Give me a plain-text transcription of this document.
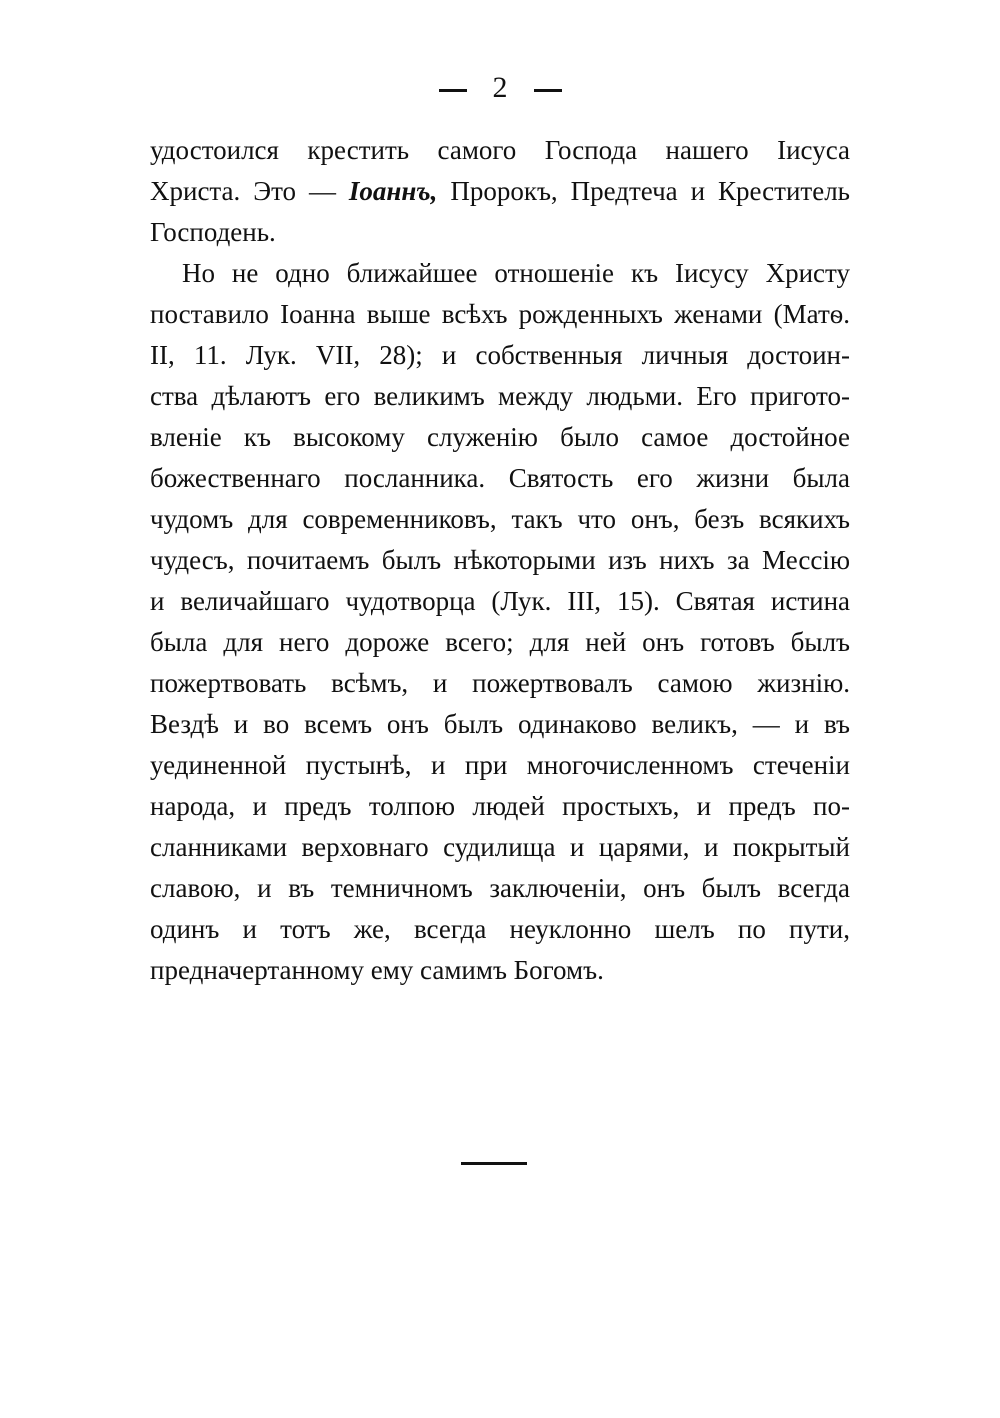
2
удостоился крестить самого Господа нашего Iисуса
Христа. Это — Iоаннъ, Пророкъ, Предтеча и Креститель
Господень.
Но не одно ближайшее отношенiе къ Iисусу Христу
поставило Iоанна выше всѣхъ рожденныхъ женами (Матѳ.
II, 11. Лук. VII, 28); и собственныя личныя достоин-
ства дѣлаютъ его великимъ между людьми. Его пригото-
вленiе къ высокому служенiю было самое достойное
божественнаго посланника. Святость его жизни была
чудомъ для современниковъ, такъ что онъ, безъ всякихъ
чудесъ, почитаемъ былъ нѣкоторыми изъ нихъ за Мессiю
и величайшаго чудотворца (Лук. III, 15). Святая истина
была для него дороже всего; для ней онъ готовъ былъ
пожертвовать всѣмъ, и пожертвовалъ самою жизнiю.
Вездѣ и во всемъ онъ былъ одинаково великъ, — и въ
уединенной пустынѣ, и при многочисленномъ стеченiи
народа, и предъ толпою людей простыхъ, и предъ по-
сланниками верховнаго судилища и царями, и покрытый
славою, и въ темничномъ заключенiи, онъ былъ всегда
одинъ и тотъ же, всегда неуклонно шелъ по пути,
предначертанному ему самимъ Богомъ.
